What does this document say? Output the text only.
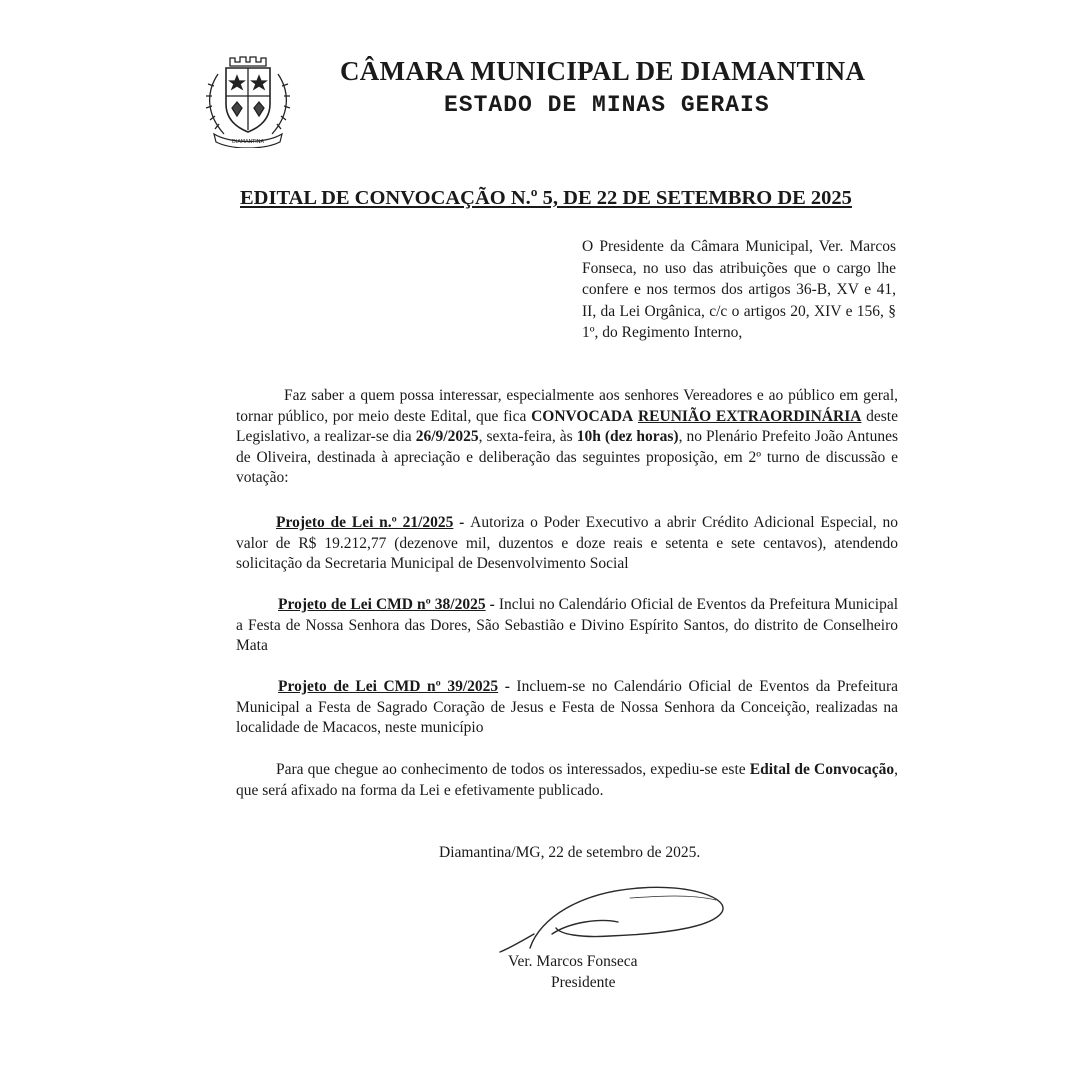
DIAMANTINA
CÂMARA MUNICIPAL DE DIAMANTINA
ESTADO DE MINAS GERAIS
EDITAL DE CONVOCAÇÃO N.º 5, DE 22 DE SETEMBRO DE 2025
O Presidente da Câmara Municipal, Ver. Marcos Fonseca, no uso das atribuições que o cargo lhe confere e nos termos dos artigos 36-B, XV e 41, II, da Lei Orgânica, c/c o artigos 20, XIV e 156, § 1º, do Regimento Interno,
Faz saber a quem possa interessar, especialmente aos senhores Vereadores e ao público em geral, tornar público, por meio deste Edital, que fica CONVOCADA REUNIÃO EXTRAORDINÁRIA deste Legislativo, a realizar-se dia 26/9/2025, sexta-feira, às 10h (dez horas), no Plenário Prefeito João Antunes de Oliveira, destinada à apreciação e deliberação das seguintes proposição, em 2º turno de discussão e votação:
Projeto de Lei n.º 21/2025 - Autoriza o Poder Executivo a abrir Crédito Adicional Especial, no valor de R$ 19.212,77 (dezenove mil, duzentos e doze reais e setenta e sete centavos), atendendo solicitação da Secretaria Municipal de Desenvolvimento Social
Projeto de Lei CMD nº 38/2025 - Inclui no Calendário Oficial de Eventos da Prefeitura Municipal a Festa de Nossa Senhora das Dores, São Sebastião e Divino Espírito Santos, do distrito de Conselheiro Mata
Projeto de Lei CMD nº 39/2025 - Incluem-se no Calendário Oficial de Eventos da Prefeitura Municipal a Festa de Sagrado Coração de Jesus e Festa de Nossa Senhora da Conceição, realizadas na localidade de Macacos, neste município
Para que chegue ao conhecimento de todos os interessados, expediu-se este Edital de Convocação, que será afixado na forma da Lei e efetivamente publicado.
Diamantina/MG, 22 de setembro de 2025.
Ver. Marcos Fonseca
Presidente
